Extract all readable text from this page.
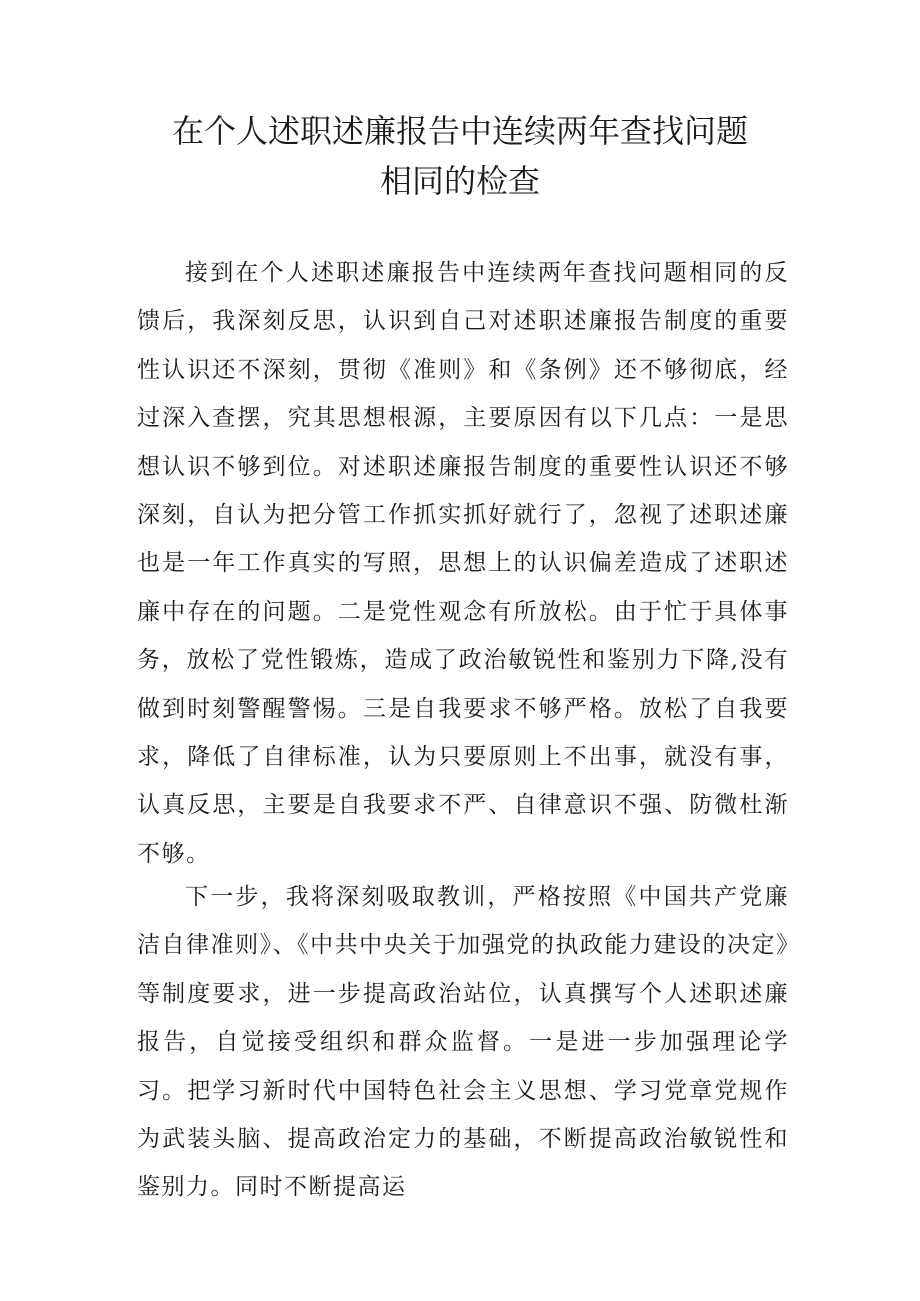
在个人述职述廉报告中连续两年查找问题
相同的检查

接到在个人述职述廉报告中连续两年查找问题相同的反馈后，我深刻反思，认识到自己对述职述廉报告制度的重要性认识还不深刻，贯彻《准则》和《条例》还不够彻底，经过深入查摆，究其思想根源，主要原因有以下几点：一是思想认识不够到位。对述职述廉报告制度的重要性认识还不够深刻，自认为把分管工作抓实抓好就行了，忽视了述职述廉也是一年工作真实的写照，思想上的认识偏差造成了述职述廉中存在的问题。二是党性观念有所放松。由于忙于具体事务，放松了党性锻炼，造成了政治敏锐性和鉴别力下降,没有做到时刻警醒警惕。三是自我要求不够严格。放松了自我要求，降低了自律标准，认为只要原则上不出事，就没有事，认真反思，主要是自我要求不严、自律意识不强、防微杜渐不够。

下一步，我将深刻吸取教训，严格按照《中国共产党廉洁自律准则》、《中共中央关于加强党的执政能力建设的决定》等制度要求，进一步提高政治站位，认真撰写个人述职述廉报告，自觉接受组织和群众监督。一是进一步加强理论学习。把学习新时代中国特色社会主义思想、学习党章党规作为武装头脑、提高政治定力的基础，不断提高政治敏锐性和鉴别力。同时不断提高运
